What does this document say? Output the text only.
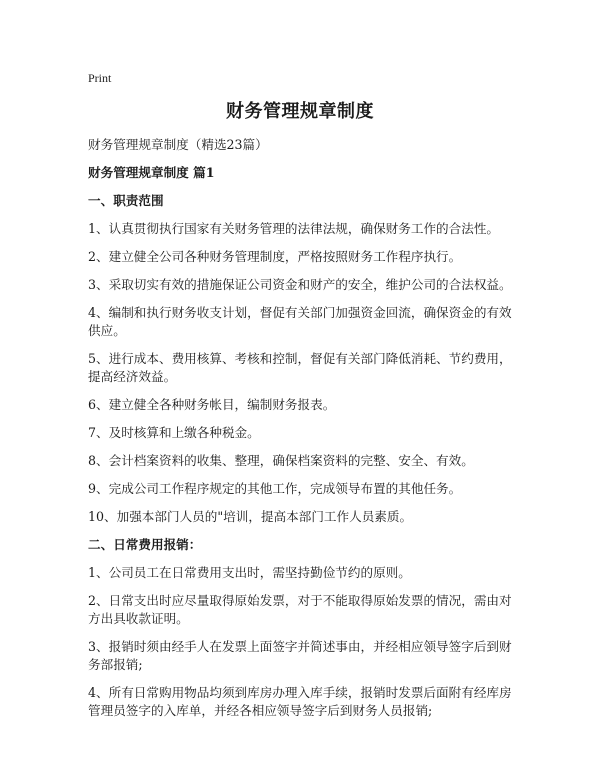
Print
财务管理规章制度
财务管理规章制度（精选23篇）
财务管理规章制度 篇1
一、职责范围
1、认真贯彻执行国家有关财务管理的法律法规，确保财务工作的合法性。
2、建立健全公司各种财务管理制度，严格按照财务工作程序执行。
3、采取切实有效的措施保证公司资金和财产的安全，维护公司的合法权益。
4、编制和执行财务收支计划，督促有关部门加强资金回流，确保资金的有效供应。
5、进行成本、费用核算、考核和控制，督促有关部门降低消耗、节约费用，提高经济效益。
6、建立健全各种财务帐目，编制财务报表。
7、及时核算和上缴各种税金。
8、会计档案资料的收集、整理，确保档案资料的完整、安全、有效。
9、完成公司工作程序规定的其他工作，完成领导布置的其他任务。
10、加强本部门人员的"培训，提高本部门工作人员素质。
二、日常费用报销：
1、公司员工在日常费用支出时，需坚持勤俭节约的原则。
2、日常支出时应尽量取得原始发票，对于不能取得原始发票的情况，需由对方出具收款证明。
3、报销时须由经手人在发票上面签字并简述事由，并经相应领导签字后到财务部报销;
4、所有日常购用物品均须到库房办理入库手续，报销时发票后面附有经库房管理员签字的入库单，并经各相应领导签字后到财务人员报销;
